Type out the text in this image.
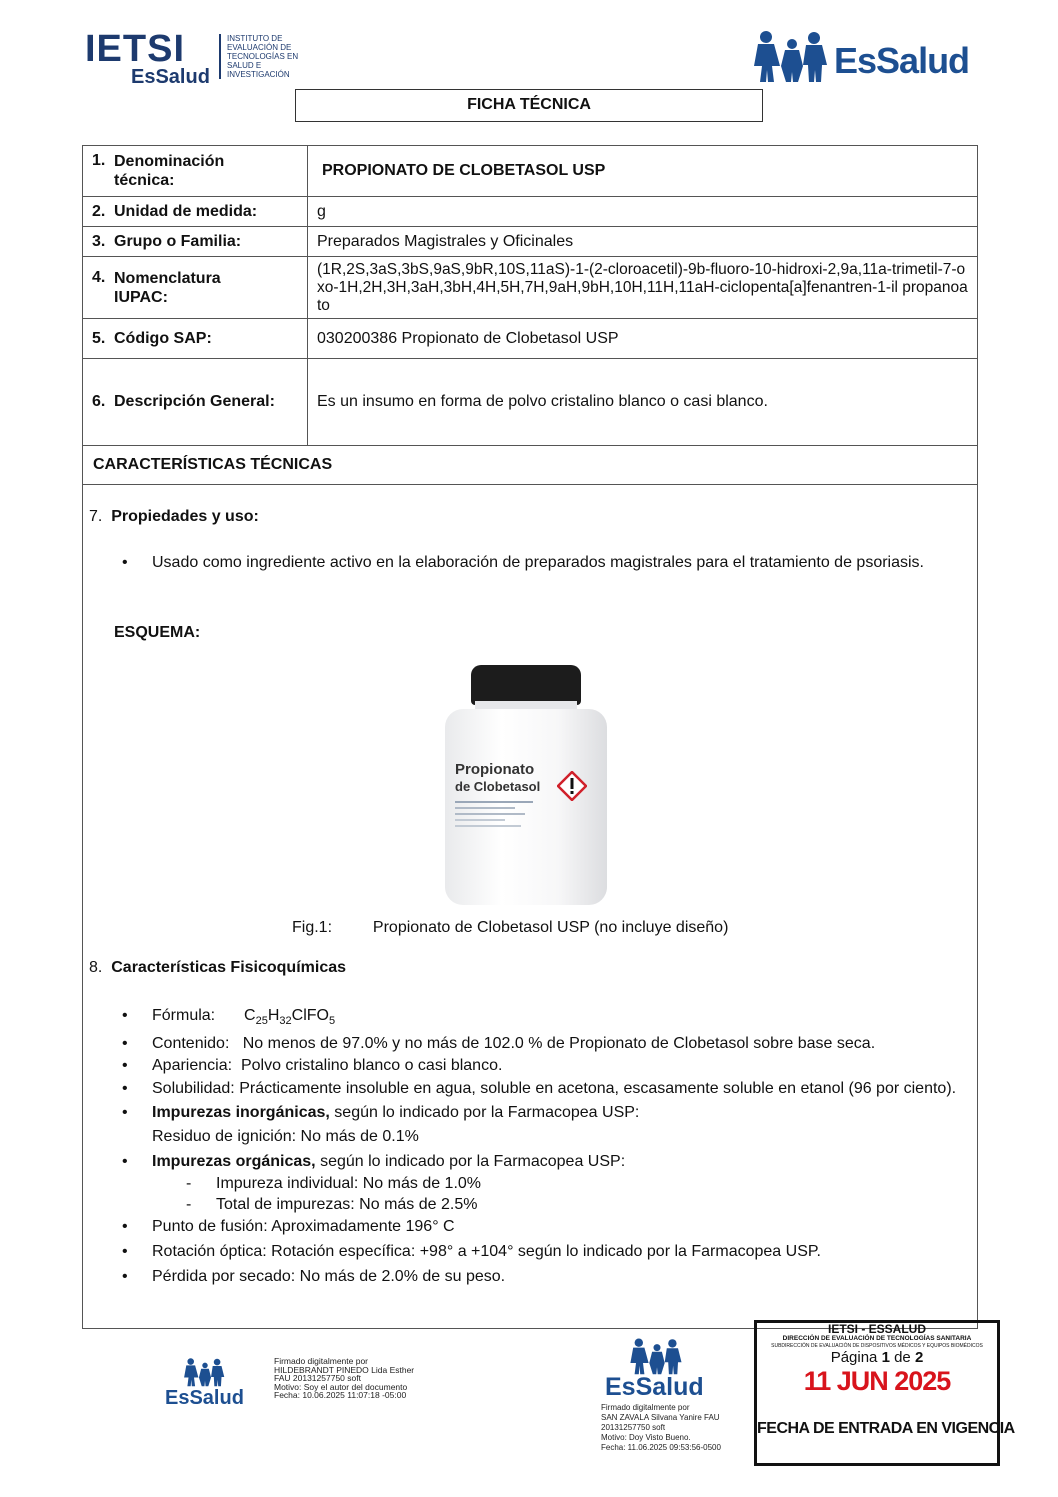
IETSI
EsSalud
INSTITUTO DE
EVALUACIÓN DE
TECNOLOGÍAS EN
SALUD E
INVESTIGACIÓN	EsSalud
FICHA TÉCNICA
1. Denominación técnica:	PROPIONATO DE CLOBETASOL USP
2. Unidad de medida:	g
3. Grupo o Familia:	Preparados Magistrales y Oficinales

4. Nomenclatura IUPAC:	(1R,2S,3aS,3bS,9aS,9bR,10S,11aS)-1-(2-cloroacetil)-9b-fluoro-10-hidroxi-2,9a,11a-trimetil-7-oxo-1H,2H,3H,3aH,3bH,4H,5H,7H,9aH,9bH,10H,11H,11aH-ciclopenta[a]fenantren-1-il propanoato
5. Código SAP:	030200386 Propionato de Clobetasol USP
6. Descripción General:	Es un insumo en forma de polvo cristalino blanco o casi blanco.
CARACTERÍSTICAS TÉCNICAS
7. Propiedades y uso:
• Usado como ingrediente activo en la elaboración de preparados magistrales para el tratamiento de psoriasis.
ESQUEMA:
Propionato
de Clobetasol
Fig.1:	Propionato de Clobetasol USP (no incluye diseño)
8. Características Fisicoquímicas
• Fórmula: $C_{25}H_{32}ClFO_5$
• Contenido: No menos de 97.0% y no más de 102.0 % de Propionato de Clobetasol sobre base seca.
• Apariencia: Polvo cristalino blanco o casi blanco.
• Solubilidad: Prácticamente insoluble en agua, soluble en acetona, escasamente soluble en etanol (96 por ciento).
• Impurezas inorgánicas, según lo indicado por la Farmacopea USP:
Residuo de ignición: No más de 0.1%
• Impurezas orgánicas, según lo indicado por la Farmacopea USP:
- Impureza individual: No más de 1.0%
- Total de impurezas: No más de 2.5%
• Punto de fusión: Aproximadamente 196° C
• Rotación óptica: Rotación específica: +98° a +104° según lo indicado por la Farmacopea USP.
• Pérdida por secado: No más de 2.0% de su peso.
EsSalud
Firmado digitalmente por
HILDEBRANDT PINEDO Lida Esther
FAU 20131257750 soft
Motivo: Soy el autor del documento
Fecha: 10.06.2025 11:07:18 -05:00	EsSalud
Firmado digitalmente por
SAN ZAVALA Silvana Yanire FAU
20131257750 soft
Motivo: Doy Visto Bueno.
Fecha: 11.06.2025 09:53:56-0500
IETSI - ESSALUD
DIRECCIÓN DE EVALUACIÓN DE TECNOLOGÍAS SANITARIA
SUBDIRECCIÓN DE EVALUACIÓN DE DISPOSITIVOS MÉDICOS Y EQUIPOS BIOMÉDICOS
Página 1 de 2
11 JUN 2025
FECHA DE ENTRADA EN VIGENCIA
